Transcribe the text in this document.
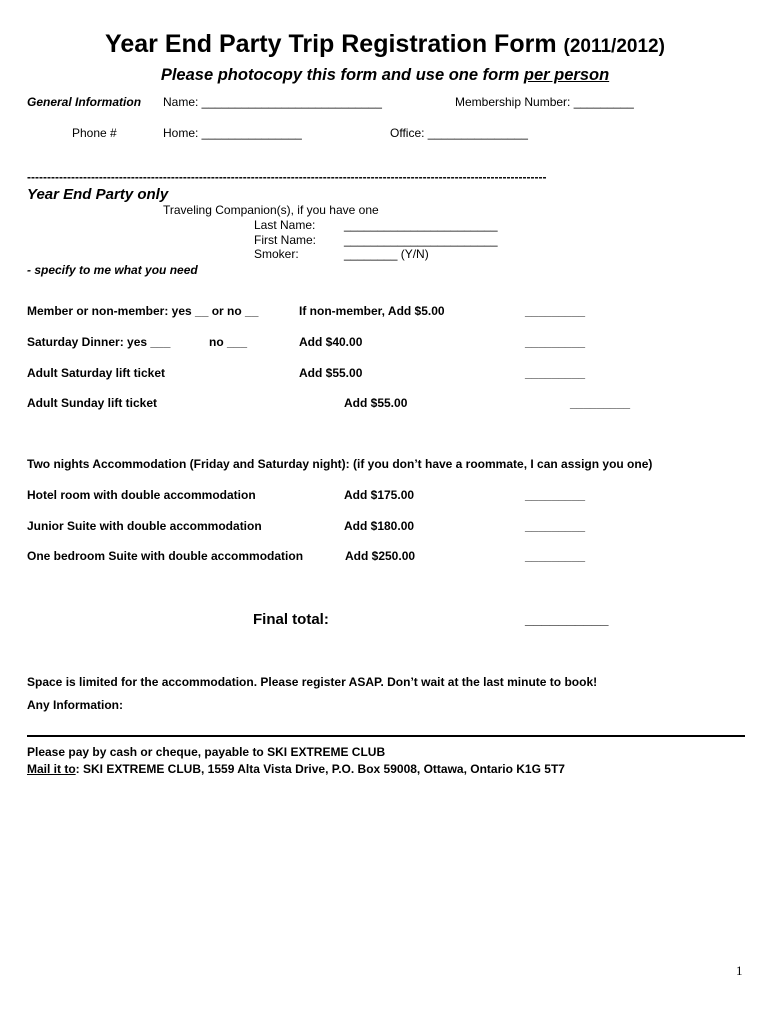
Year End Party Trip Registration Form (2011/2012)
Please photocopy this form and use one form per person
General Information Name: ___________________________	Membership Number: _________
Phone #	Home: _______________	Office: _______________
----------------------------------------------------------------------------------------------------------------------------------
Year End Party only
Traveling Companion(s), if you have one
Last Name: _______________________
First Name: _______________________
Smoker:	________ (Y/N)
- specify to me what you need
Member or non-member: yes __ or no __	If non-member, Add $5.00	_________
Saturday Dinner: yes ___	no ___	Add $40.00	_________
Adult Saturday lift ticket	Add $55.00	_________
Adult Sunday lift ticket	Add $55.00	_________
Two nights Accommodation (Friday and Saturday night): (if you don’t have a roommate, I can assign you one)
Hotel room with double accommodation	Add $175.00	_________
Junior Suite with double accommodation	Add $180.00	_________
One bedroom Suite with double accommodation	Add $250.00	_________
Final total:	__________
Space is limited for the accommodation. Please register ASAP. Don’t wait at the last minute to book!
Any Information:
Please pay by cash or cheque, payable to SKI EXTREME CLUB
Mail it to: SKI EXTREME CLUB, 1559 Alta Vista Drive, P.O. Box 59008, Ottawa, Ontario K1G 5T7
1
